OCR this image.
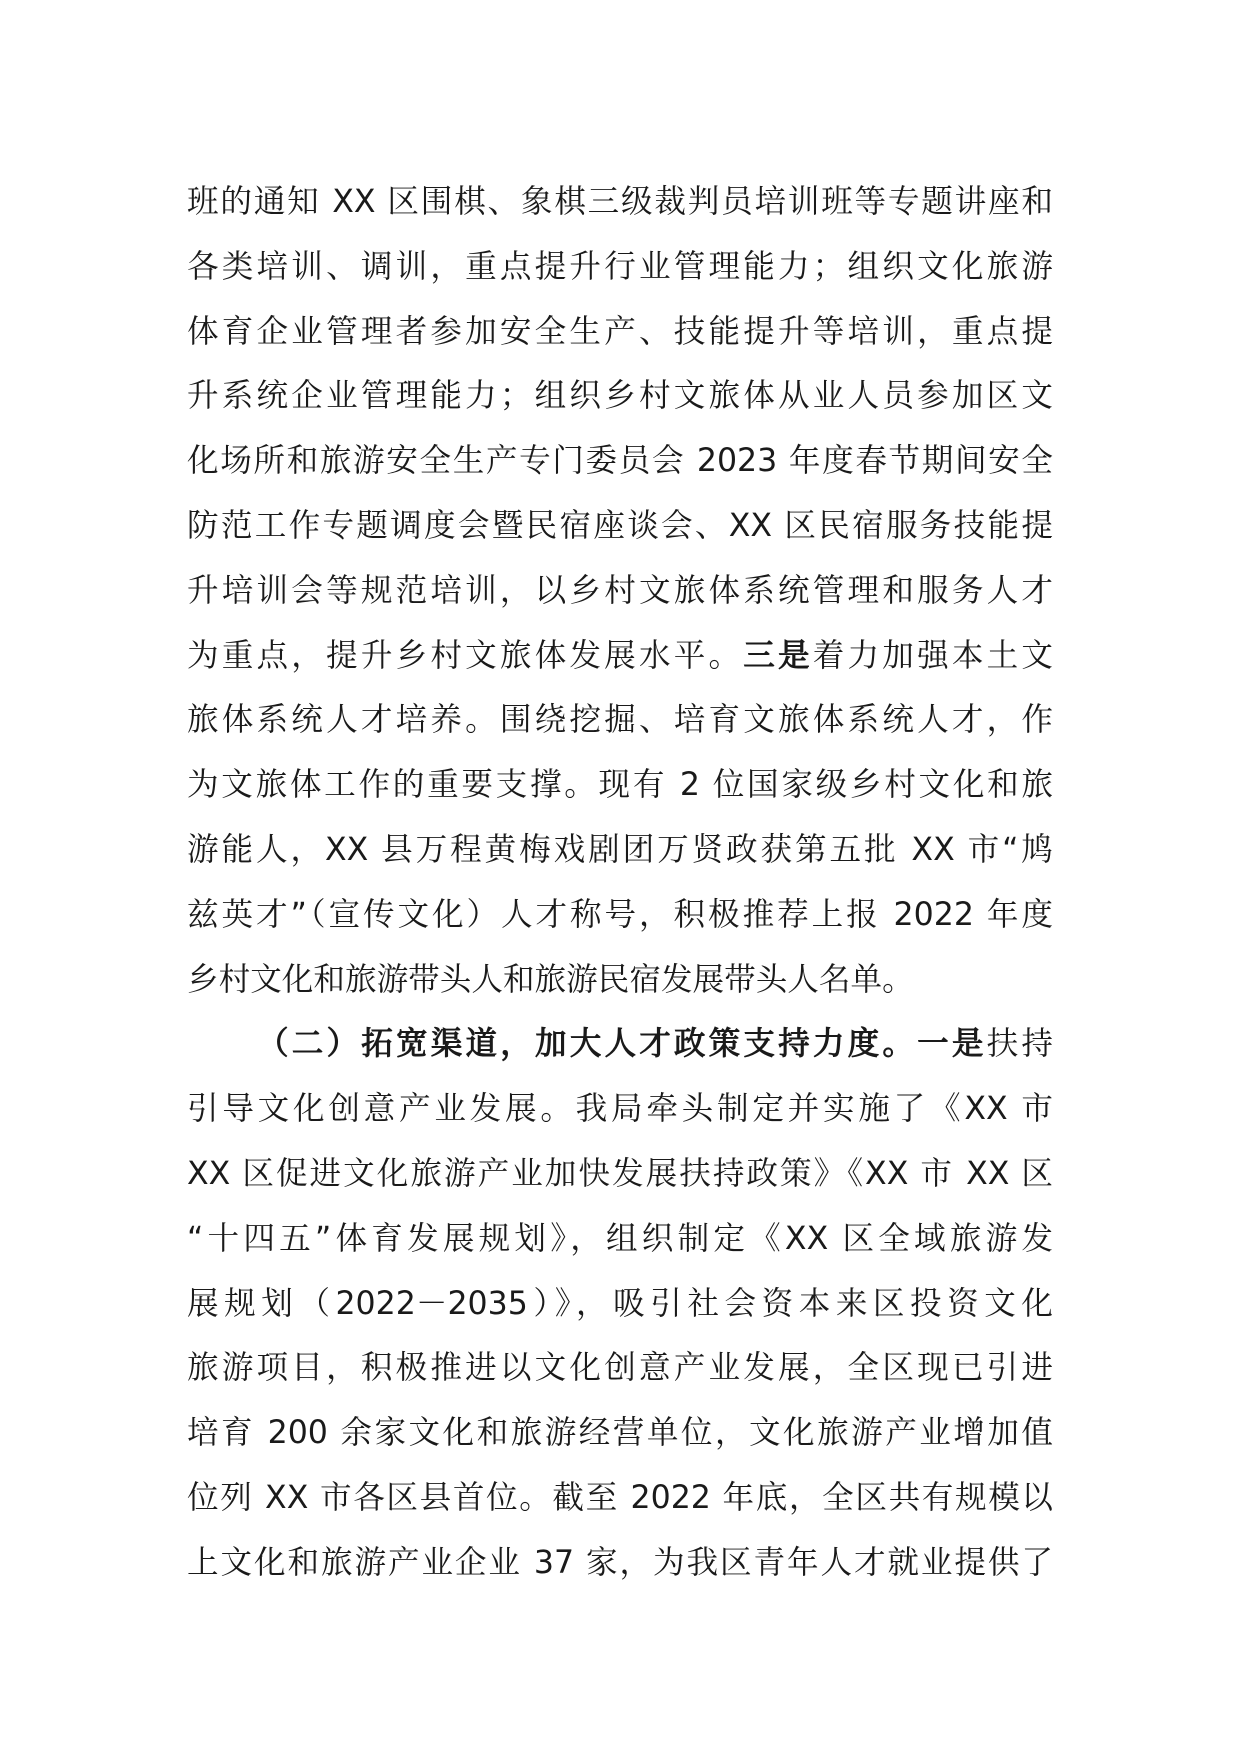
班的通知 XX 区围棋、象棋三级裁判员培训班等专题讲座和
各类培训、调训，重点提升行业管理能力；组织文化旅游
体育企业管理者参加安全生产、技能提升等培训，重点提
升系统企业管理能力；组织乡村文旅体从业人员参加区文
化场所和旅游安全生产专门委员会 2023 年度春节期间安全
防范工作专题调度会暨民宿座谈会、XX 区民宿服务技能提
升培训会等规范培训，以乡村文旅体系统管理和服务人才
为重点，提升乡村文旅体发展水平。三是着力加强本土文
旅体系统人才培养。围绕挖掘、培育文旅体系统人才，作
为文旅体工作的重要支撑。现有 2 位国家级乡村文化和旅
游能人，XX 县万程黄梅戏剧团万贤政获第五批 XX 市“鸠
兹英才”（宣传文化）人才称号，积极推荐上报 2022 年度
乡村文化和旅游带头人和旅游民宿发展带头人名单。
（二）拓宽渠道，加大人才政策支持力度。一是扶持
引导文化创意产业发展。我局牵头制定并实施了《XX 市
XX 区促进文化旅游产业加快发展扶持政策》《XX 市 XX 区
“十四五”体育发展规划》，组织制定《XX 区全域旅游发
展规划（2022－2035）》，吸引社会资本来区投资文化
旅游项目，积极推进以文化创意产业发展，全区现已引进
培育 200 余家文化和旅游经营单位，文化旅游产业增加值
位列 XX 市各区县首位。截至 2022 年底，全区共有规模以
上文化和旅游产业企业 37 家，为我区青年人才就业提供了
